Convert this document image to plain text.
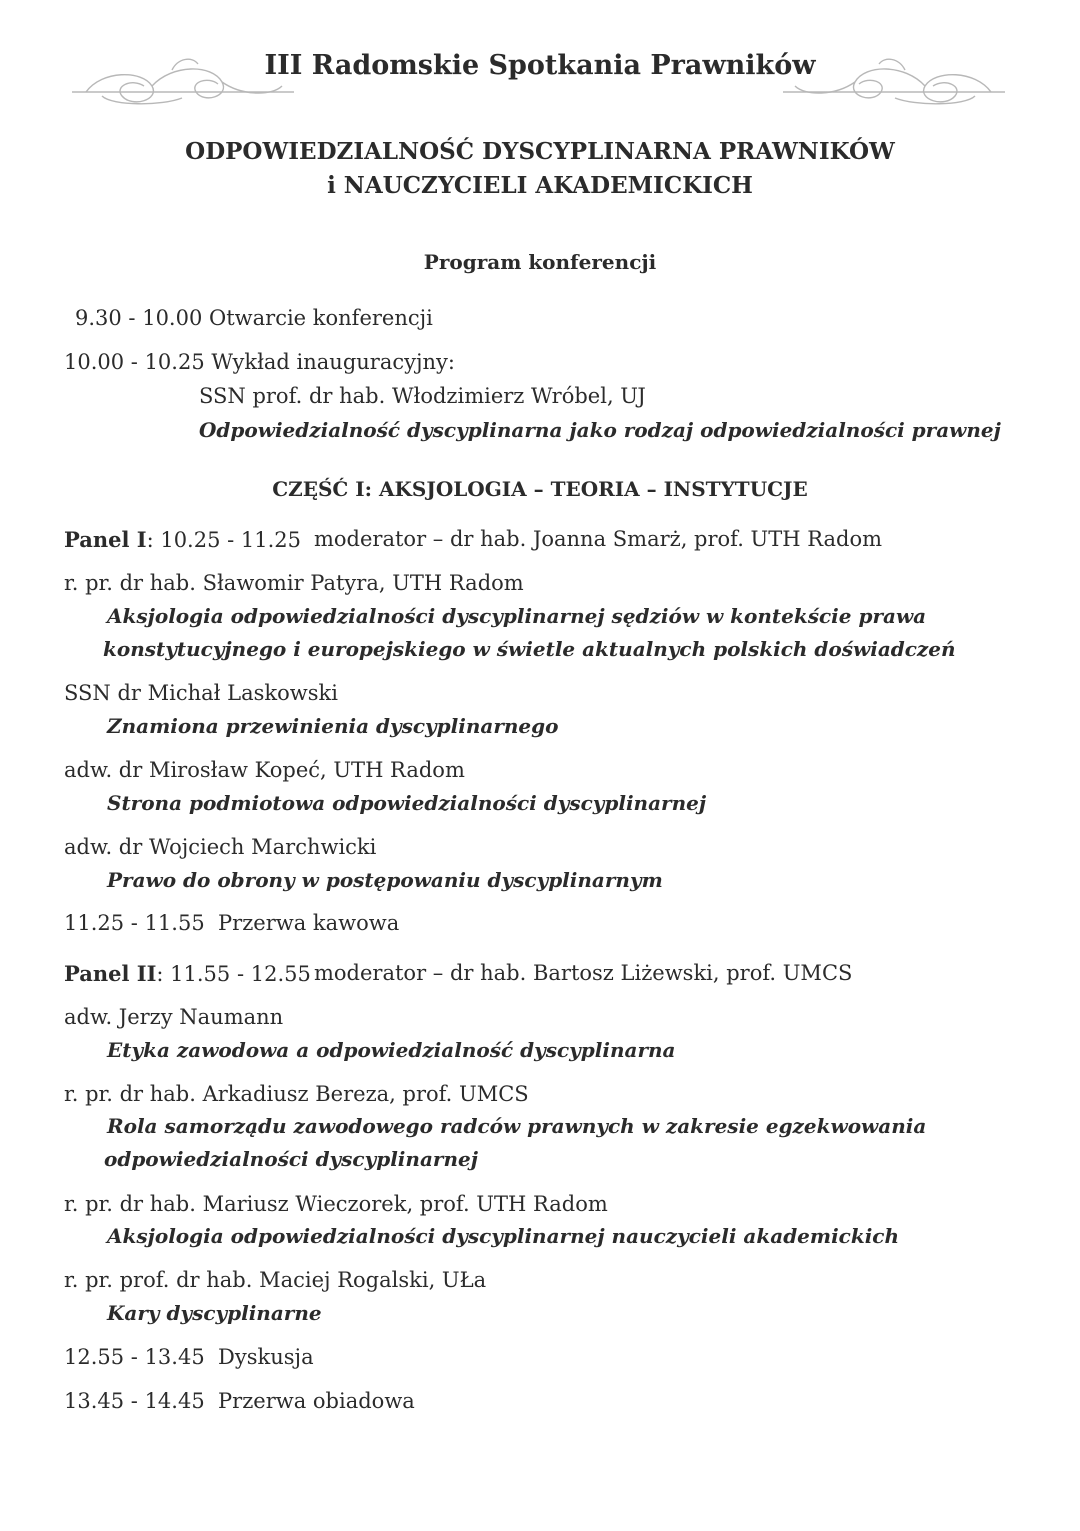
III Radomskie Spotkania Prawników
ODPOWIEDZIALNOŚĆ DYSCYPLINARNA PRAWNIKÓW
i NAUCZYCIELI AKADEMICKICH
Program konferencji
9.30 - 10.00 Otwarcie konferencji
10.00 - 10.25 Wykład inauguracyjny:
SSN prof. dr hab. Włodzimierz Wróbel, UJ
Odpowiedzialność dyscyplinarna jako rodzaj odpowiedzialności prawnej
CZĘŚĆ I: AKSJOLOGIA – TEORIA – INSTYTUCJE
Panel I: 10.25 - 11.25 moderator – dr hab. Joanna Smarż, prof. UTH Radom
r. pr. dr hab. Sławomir Patyra, UTH Radom
Aksjologia odpowiedzialności dyscyplinarnej sędziów w kontekście prawa
konstytucyjnego i europejskiego w świetle aktualnych polskich doświadczeń
SSN dr Michał Laskowski
Znamiona przewinienia dyscyplinarnego
adw. dr Mirosław Kopeć, UTH Radom
Strona podmiotowa odpowiedzialności dyscyplinarnej
adw. dr Wojciech Marchwicki
Prawo do obrony w postępowaniu dyscyplinarnym
11.25 - 11.55 Przerwa kawowa
Panel II: 11.55 - 12.55 moderator – dr hab. Bartosz Liżewski, prof. UMCS
adw. Jerzy Naumann
Etyka zawodowa a odpowiedzialność dyscyplinarna
r. pr. dr hab. Arkadiusz Bereza, prof. UMCS
Rola samorządu zawodowego radców prawnych w zakresie egzekwowania
odpowiedzialności dyscyplinarnej
r. pr. dr hab. Mariusz Wieczorek, prof. UTH Radom
Aksjologia odpowiedzialności dyscyplinarnej nauczycieli akademickich
r. pr. prof. dr hab. Maciej Rogalski, UŁa
Kary dyscyplinarne
12.55 - 13.45 Dyskusja
13.45 - 14.45 Przerwa obiadowa
